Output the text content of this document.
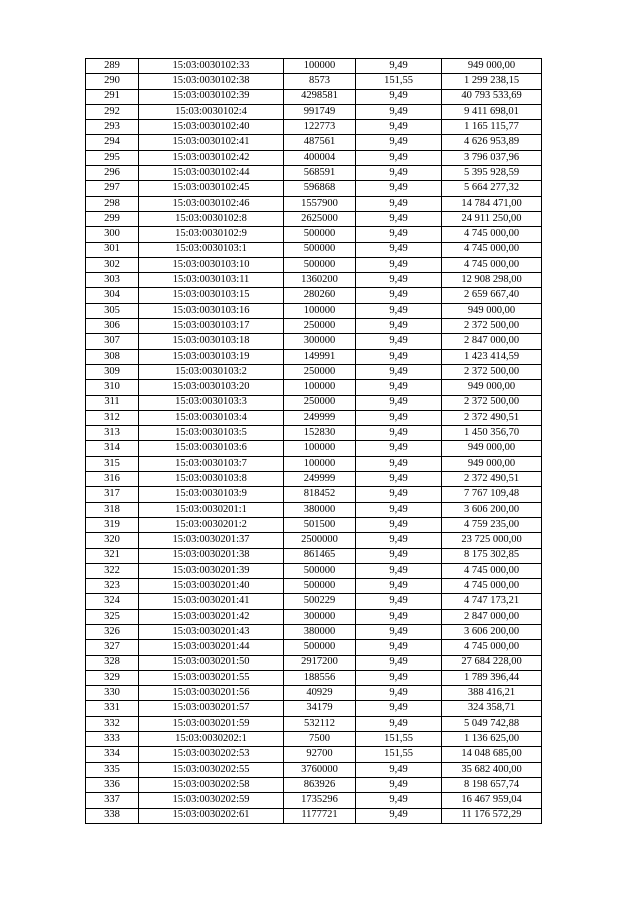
289	15:03:0030102:33	100000	9,49	949 000,00
290	15:03:0030102:38	8573	151,55	1 299 238,15
291	15:03:0030102:39	4298581	9,49	40 793 533,69
292	15:03:0030102:4	991749	9,49	9 411 698,01
293	15:03:0030102:40	122773	9,49	1 165 115,77
294	15:03:0030102:41	487561	9,49	4 626 953,89
295	15:03:0030102:42	400004	9,49	3 796 037,96
296	15:03:0030102:44	568591	9,49	5 395 928,59
297	15:03:0030102:45	596868	9,49	5 664 277,32
298	15:03:0030102:46	1557900	9,49	14 784 471,00
299	15:03:0030102:8	2625000	9,49	24 911 250,00
300	15:03:0030102:9	500000	9,49	4 745 000,00
301	15:03:0030103:1	500000	9,49	4 745 000,00
302	15:03:0030103:10	500000	9,49	4 745 000,00
303	15:03:0030103:11	1360200	9,49	12 908 298,00
304	15:03:0030103:15	280260	9,49	2 659 667,40
305	15:03:0030103:16	100000	9,49	949 000,00
306	15:03:0030103:17	250000	9,49	2 372 500,00
307	15:03:0030103:18	300000	9,49	2 847 000,00
308	15:03:0030103:19	149991	9,49	1 423 414,59
309	15:03:0030103:2	250000	9,49	2 372 500,00
310	15:03:0030103:20	100000	9,49	949 000,00
311	15:03:0030103:3	250000	9,49	2 372 500,00
312	15:03:0030103:4	249999	9,49	2 372 490,51
313	15:03:0030103:5	152830	9,49	1 450 356,70
314	15:03:0030103:6	100000	9,49	949 000,00
315	15:03:0030103:7	100000	9,49	949 000,00
316	15:03:0030103:8	249999	9,49	2 372 490,51
317	15:03:0030103:9	818452	9,49	7 767 109,48
318	15:03:0030201:1	380000	9,49	3 606 200,00
319	15:03:0030201:2	501500	9,49	4 759 235,00
320	15:03:0030201:37	2500000	9,49	23 725 000,00
321	15:03:0030201:38	861465	9,49	8 175 302,85
322	15:03:0030201:39	500000	9,49	4 745 000,00
323	15:03:0030201:40	500000	9,49	4 745 000,00
324	15:03:0030201:41	500229	9,49	4 747 173,21
325	15:03:0030201:42	300000	9,49	2 847 000,00
326	15:03:0030201:43	380000	9,49	3 606 200,00
327	15:03:0030201:44	500000	9,49	4 745 000,00
328	15:03:0030201:50	2917200	9,49	27 684 228,00
329	15:03:0030201:55	188556	9,49	1 789 396,44
330	15:03:0030201:56	40929	9,49	388 416,21
331	15:03:0030201:57	34179	9,49	324 358,71
332	15:03:0030201:59	532112	9,49	5 049 742,88
333	15:03:0030202:1	7500	151,55	1 136 625,00
334	15:03:0030202:53	92700	151,55	14 048 685,00
335	15:03:0030202:55	3760000	9,49	35 682 400,00
336	15:03:0030202:58	863926	9,49	8 198 657,74
337	15:03:0030202:59	1735296	9,49	16 467 959,04
338	15:03:0030202:61	1177721	9,49	11 176 572,29
